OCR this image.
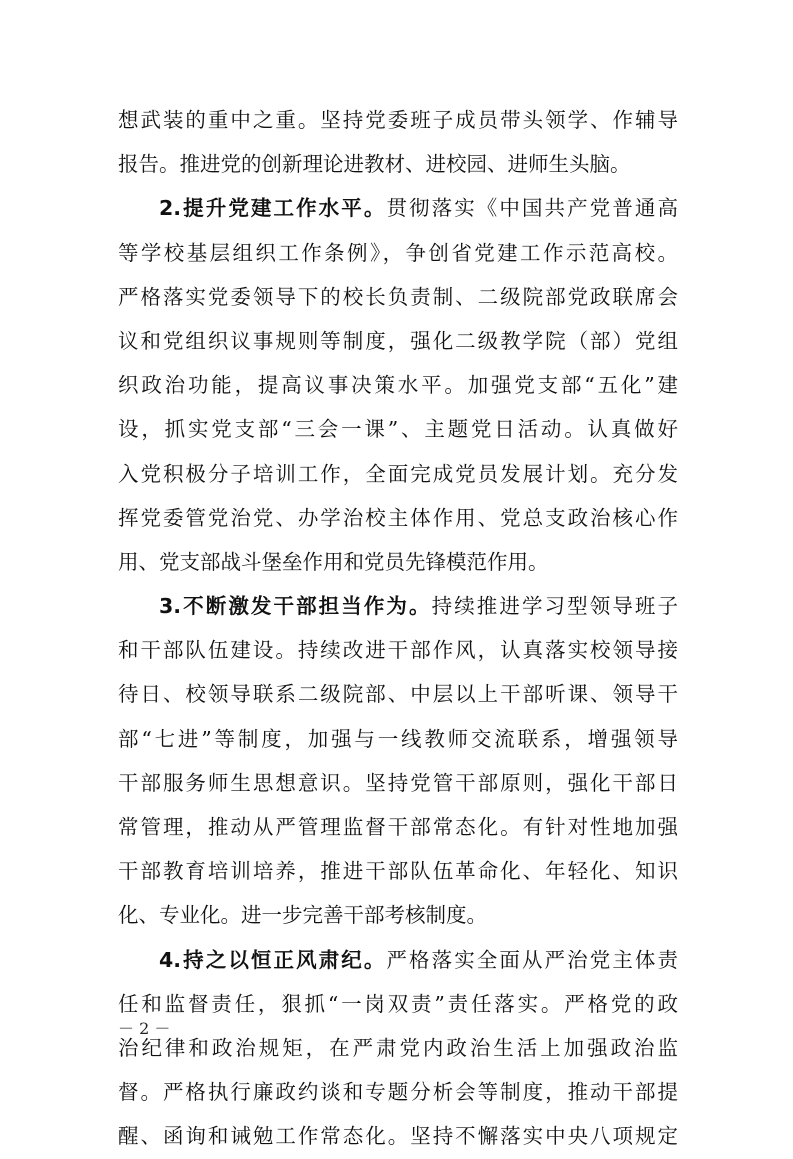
想武装的重中之重。坚持党委班子成员带头领学、作辅导
报告。推进党的创新理论进教材、进校园、进师生头脑。
2.提升党建工作水平。贯彻落实《中国共产党普通高
等学校基层组织工作条例》，争创省党建工作示范高校。
严格落实党委领导下的校长负责制、二级院部党政联席会
议和党组织议事规则等制度，强化二级教学院（部）党组
织政治功能，提高议事决策水平。加强党支部“五化”建
设，抓实党支部“三会一课”、主题党日活动。认真做好
入党积极分子培训工作，全面完成党员发展计划。充分发
挥党委管党治党、办学治校主体作用、党总支政治核心作
用、党支部战斗堡垒作用和党员先锋模范作用。
3.不断激发干部担当作为。持续推进学习型领导班子
和干部队伍建设。持续改进干部作风，认真落实校领导接
待日、校领导联系二级院部、中层以上干部听课、领导干
部“七进”等制度，加强与一线教师交流联系，增强领导
干部服务师生思想意识。坚持党管干部原则，强化干部日
常管理，推动从严管理监督干部常态化。有针对性地加强
干部教育培训培养，推进干部队伍革命化、年轻化、知识
化、专业化。进一步完善干部考核制度。
4.持之以恒正风肃纪。严格落实全面从严治党主体责
任和监督责任，狠抓“一岗双责”责任落实。严格党的政
治纪律和政治规矩，在严肃党内政治生活上加强政治监
督。严格执行廉政约谈和专题分析会等制度，推动干部提
醒、函询和诫勉工作常态化。坚持不懈落实中央八项规定
－ 2 －
